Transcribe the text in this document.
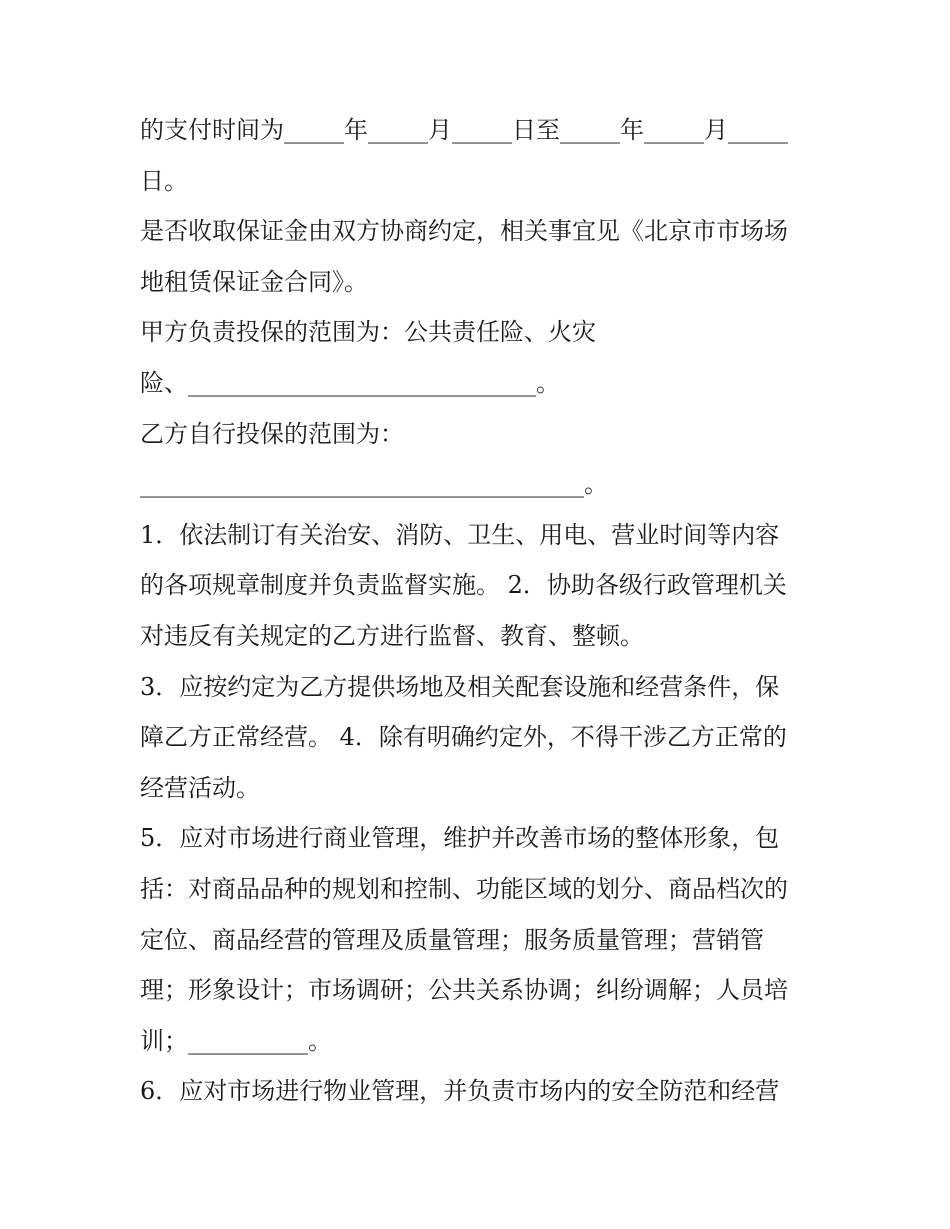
的支付时间为_____年_____月_____日至_____年_____月_____
日。
是否收取保证金由双方协商约定，相关事宜见《北京市市场场
地租赁保证金合同》。
甲方负责投保的范围为：公共责任险、火灾
险、_____________________________。
乙方自行投保的范围为：
_____________________________________。
1．依法制订有关治安、消防、卫生、用电、营业时间等内容
的各项规章制度并负责监督实施。 2．协助各级行政管理机关
对违反有关规定的乙方进行监督、教育、整顿。
3．应按约定为乙方提供场地及相关配套设施和经营条件，保
障乙方正常经营。 4．除有明确约定外，不得干涉乙方正常的
经营活动。
5．应对市场进行商业管理，维护并改善市场的整体形象，包
括：对商品品种的规划和控制、功能区域的划分、商品档次的
定位、商品经营的管理及质量管理；服务质量管理；营销管
理；形象设计；市场调研；公共关系协调；纠纷调解；人员培
训；__________。
6．应对市场进行物业管理，并负责市场内的安全防范和经营
